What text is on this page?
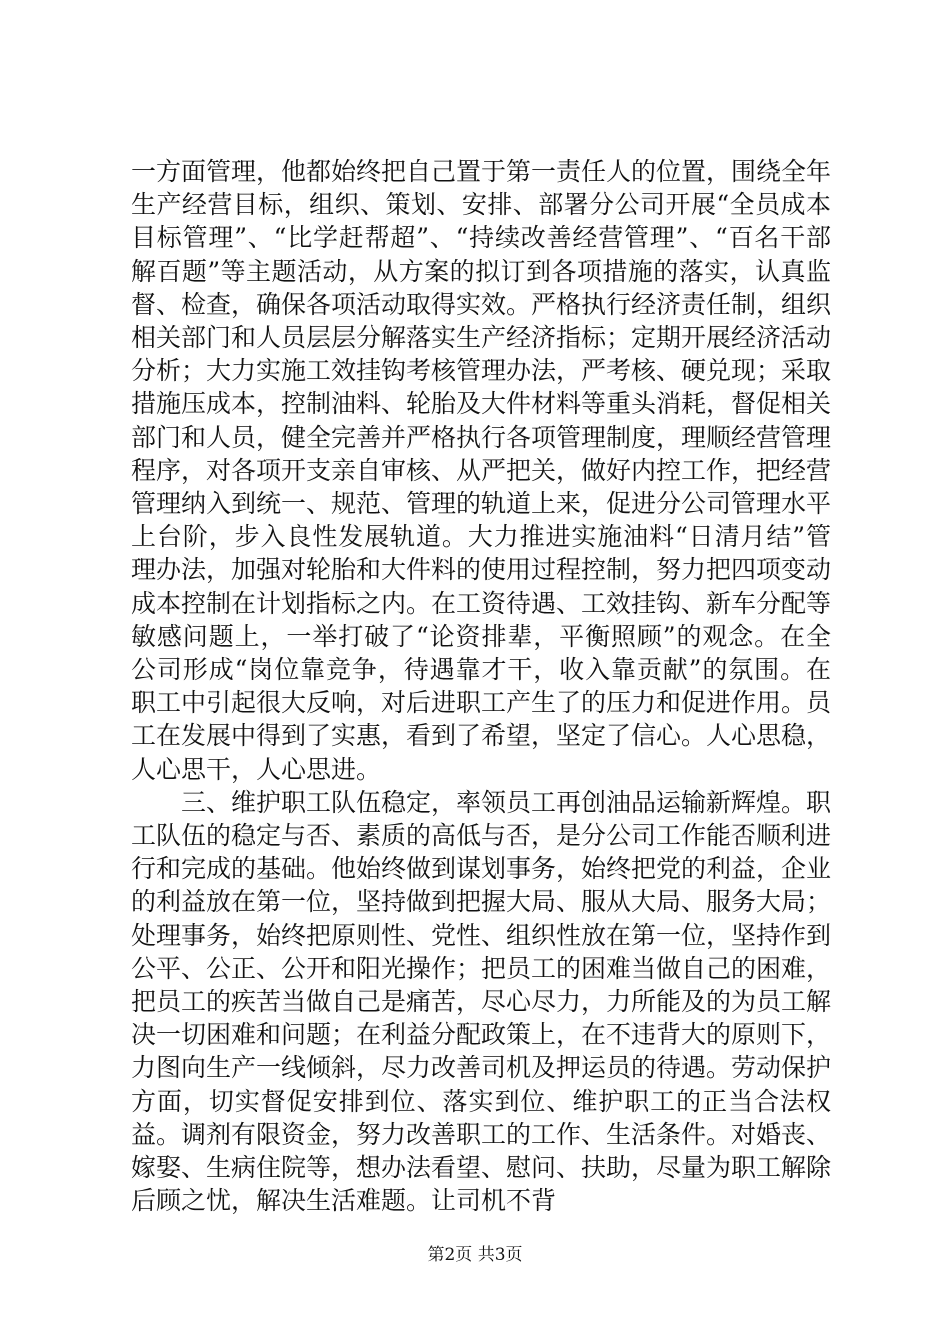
一方面管理，他都始终把自己置于第一责任人的位置，围绕全年生产经营目标，组织、策划、安排、部署分公司开展“全员成本目标管理”、“比学赶帮超”、“持续改善经营管理”、“百名干部解百题”等主题活动，从方案的拟订到各项措施的落实，认真监督、检查，确保各项活动取得实效。严格执行经济责任制，组织相关部门和人员层层分解落实生产经济指标；定期开展经济活动分析；大力实施工效挂钩考核管理办法，严考核、硬兑现；采取措施压成本，控制油料、轮胎及大件材料等重头消耗，督促相关部门和人员，健全完善并严格执行各项管理制度，理顺经营管理程序，对各项开支亲自审核、从严把关，做好内控工作，把经营管理纳入到统一、规范、管理的轨道上来，促进分公司管理水平上台阶，步入良性发展轨道。大力推进实施油料“日清月结”管理办法，加强对轮胎和大件料的使用过程控制，努力把四项变动成本控制在计划指标之内。在工资待遇、工效挂钩、新车分配等敏感问题上，一举打破了“论资排辈，平衡照顾”的观念。在全公司形成“岗位靠竞争，待遇靠才干，收入靠贡献”的氛围。在职工中引起很大反响，对后进职工产生了的压力和促进作用。员工在发展中得到了实惠，看到了希望，坚定了信心。人心思稳，人心思干，人心思进。

三、维护职工队伍稳定，率领员工再创油品运输新辉煌。职工队伍的稳定与否、素质的高低与否，是分公司工作能否顺利进行和完成的基础。他始终做到谋划事务，始终把党的利益，企业的利益放在第一位，坚持做到把握大局、服从大局、服务大局；处理事务，始终把原则性、党性、组织性放在第一位，坚持作到公平、公正、公开和阳光操作；把员工的困难当做自己的困难，把员工的疾苦当做自己是痛苦，尽心尽力，力所能及的为员工解决一切困难和问题；在利益分配政策上，在不违背大的原则下，力图向生产一线倾斜，尽力改善司机及押运员的待遇。劳动保护方面，切实督促安排到位、落实到位、维护职工的正当合法权益。调剂有限资金，努力改善职工的工作、生活条件。对婚丧、嫁娶、生病住院等，想办法看望、慰问、扶助，尽量为职工解除后顾之忧，解决生活难题。让司机不背

第2页 共3页
